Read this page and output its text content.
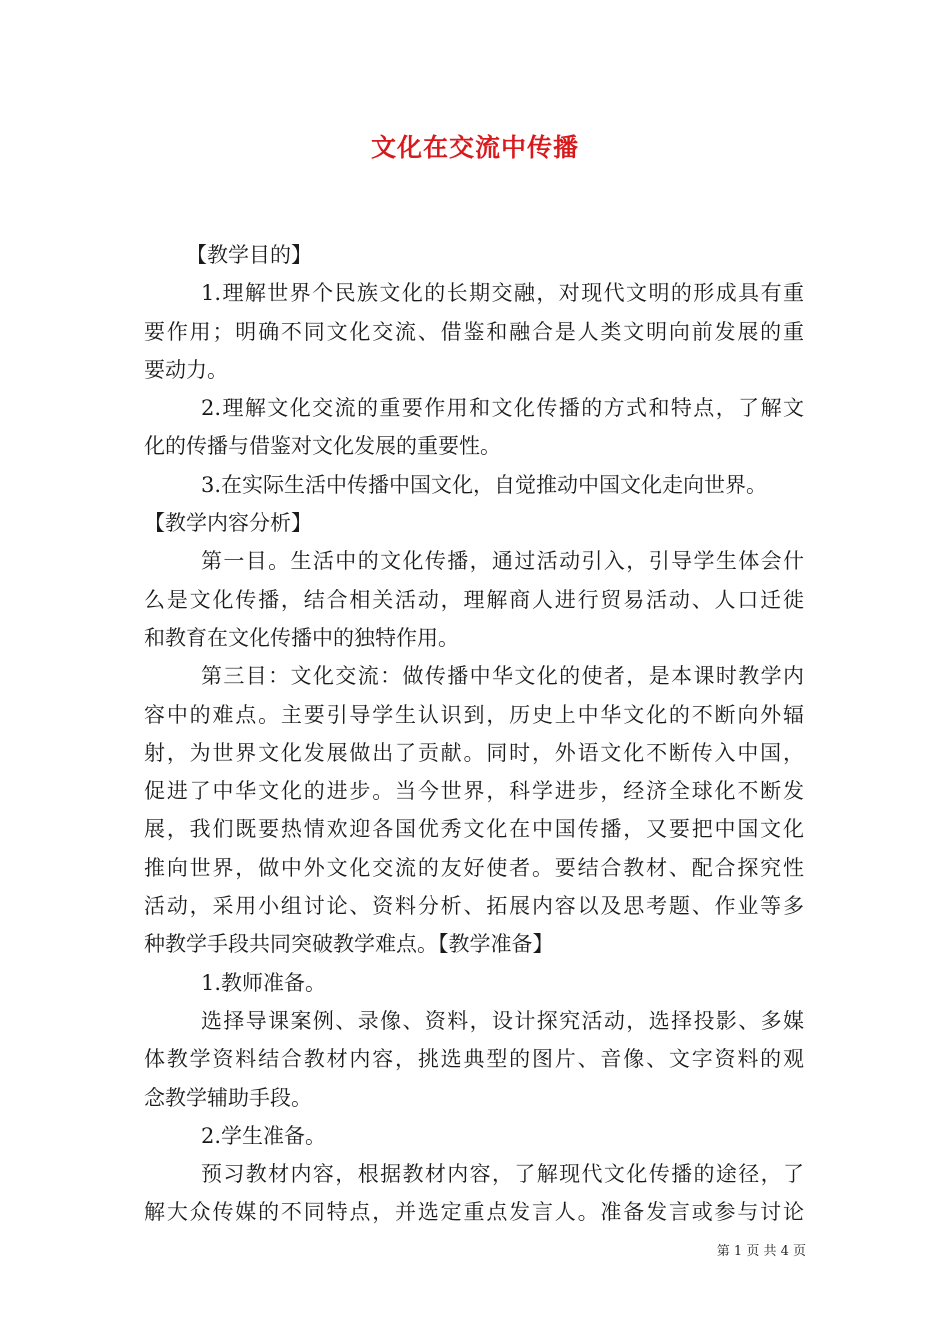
文化在交流中传播

【教学目的】

1.理解世界个民族文化的长期交融，对现代文明的形成具有重

要作用；明确不同文化交流、借鉴和融合是人类文明向前发展的重

要动力。

2.理解文化交流的重要作用和文化传播的方式和特点，了解文

化的传播与借鉴对文化发展的重要性。

3.在实际生活中传播中国文化，自觉推动中国文化走向世界。

【教学内容分析】

第一目。生活中的文化传播，通过活动引入，引导学生体会什

么是文化传播，结合相关活动，理解商人进行贸易活动、人口迁徙

和教育在文化传播中的独特作用。

第三目：文化交流：做传播中华文化的使者，是本课时教学内

容中的难点。主要引导学生认识到，历史上中华文化的不断向外辐

射，为世界文化发展做出了贡献。同时，外语文化不断传入中国，

促进了中华文化的进步。当今世界，科学进步，经济全球化不断发

展，我们既要热情欢迎各国优秀文化在中国传播，又要把中国文化

推向世界，做中外文化交流的友好使者。要结合教材、配合探究性

活动，采用小组讨论、资料分析、拓展内容以及思考题、作业等多

种教学手段共同突破教学难点。【教学准备】

1.教师准备。

选择导课案例、录像、资料，设计探究活动，选择投影、多媒

体教学资料结合教材内容，挑选典型的图片、音像、文字资料的观

念教学辅助手段。

2.学生准备。

预习教材内容，根据教材内容，了解现代文化传播的途径，了

解大众传媒的不同特点，并选定重点发言人。准备发言或参与讨论

第 1 页 共 4 页
